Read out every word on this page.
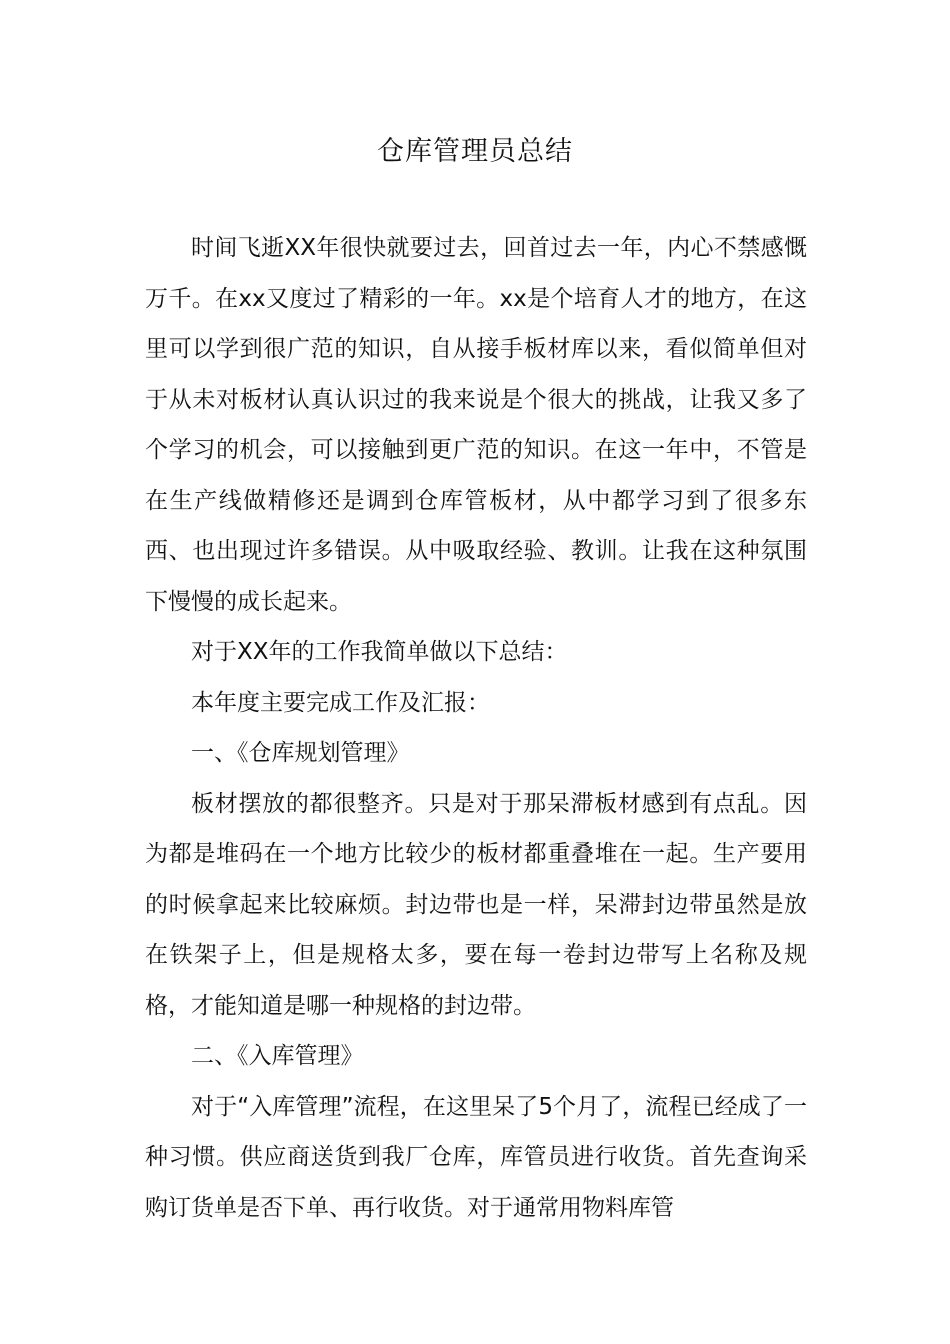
仓库管理员总结

时间飞逝XX年很快就要过去，回首过去一年，内心不禁感慨万千。在xx又度过了精彩的一年。xx是个培育人才的地方，在这里可以学到很广范的知识，自从接手板材库以来，看似简单但对于从未对板材认真认识过的我来说是个很大的挑战，让我又多了个学习的机会，可以接触到更广范的知识。在这一年中，不管是在生产线做精修还是调到仓库管板材，从中都学习到了很多东西、也出现过许多错误。从中吸取经验、教训。让我在这种氛围下慢慢的成长起来。

对于XX年的工作我简单做以下总结：

本年度主要完成工作及汇报：

一、《仓库规划管理》

板材摆放的都很整齐。只是对于那呆滞板材感到有点乱。因为都是堆码在一个地方比较少的板材都重叠堆在一起。生产要用的时候拿起来比较麻烦。封边带也是一样，呆滞封边带虽然是放在铁架子上，但是规格太多，要在每一卷封边带写上名称及规格，才能知道是哪一种规格的封边带。

二、《入库管理》

对于“入库管理”流程，在这里呆了5个月了，流程已经成了一种习惯。供应商送货到我厂仓库，库管员进行收货。首先查询采购订货单是否下单、再行收货。对于通常用物料库管
